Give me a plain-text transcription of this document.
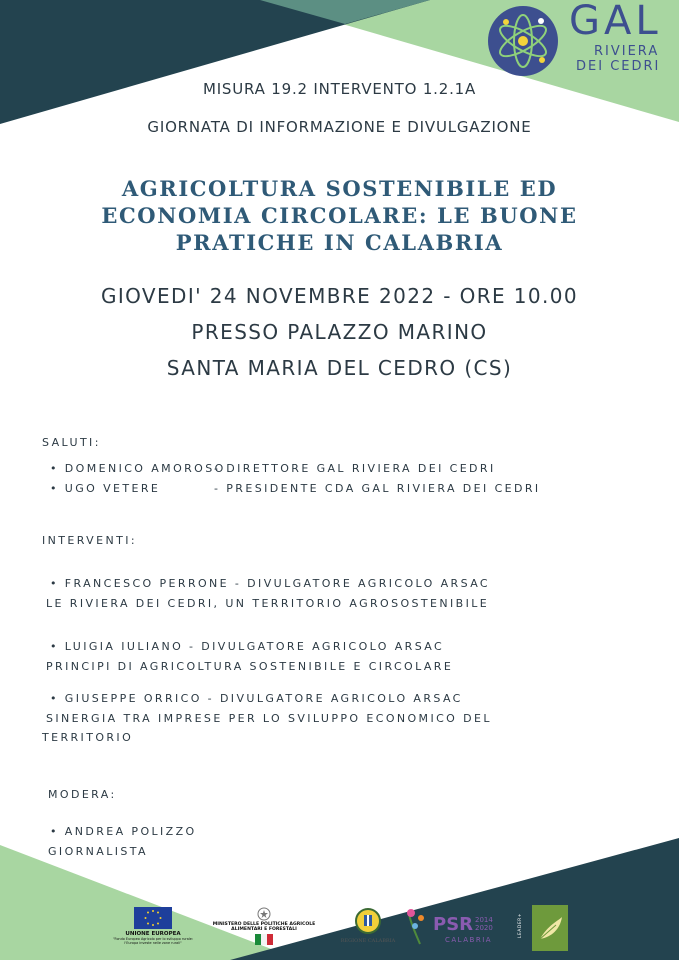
GAL
RIVIERA
DEI CEDRI
MISURA 19.2 INTERVENTO 1.2.1A
GIORNATA DI INFORMAZIONE E DIVULGAZIONE
AGRICOLTURA SOSTENIBILE ED
ECONOMIA CIRCOLARE: LE BUONE
PRATICHE IN CALABRIA
GIOVEDI' 24 NOVEMBRE 2022 - ORE 10.00
PRESSO PALAZZO MARINO
SANTA MARIA DEL CEDRO (CS)
SALUTI:
• DOMENICO AMOROSO
- DIRETTORE GAL RIVIERA DEI CEDRI
• UGO VETERE	- PRESIDENTE CDA GAL RIVIERA DEI CEDRI
INTERVENTI:
• FRANCESCO PERRONE - DIVULGATORE AGRICOLO ARSAC
LE RIVIERA DEI CEDRI, UN TERRITORIO AGROSOSTENIBILE
• LUIGIA IULIANO - DIVULGATORE AGRICOLO ARSAC
PRINCIPI DI AGRICOLTURA SOSTENIBILE E CIRCOLARE
• GIUSEPPE ORRICO - DIVULGATORE AGRICOLO ARSAC
SINERGIA TRA IMPRESE PER LO SVILUPPO ECONOMICO DEL
TERRITORIO
MODERA:
• ANDREA POLIZZO
GIORNALISTA
UNIONE EUROPEA
"Fondo Europeo Agricolo per lo sviluppo rurale:
l'Europa investe nelle zone rurali"
MINISTERO DELLE POLITICHE AGRICOLE
ALIMENTARI E FORESTALI
REGIONE CALABRIA
PSR 2014
2020
CALABRIA
LEADER+
